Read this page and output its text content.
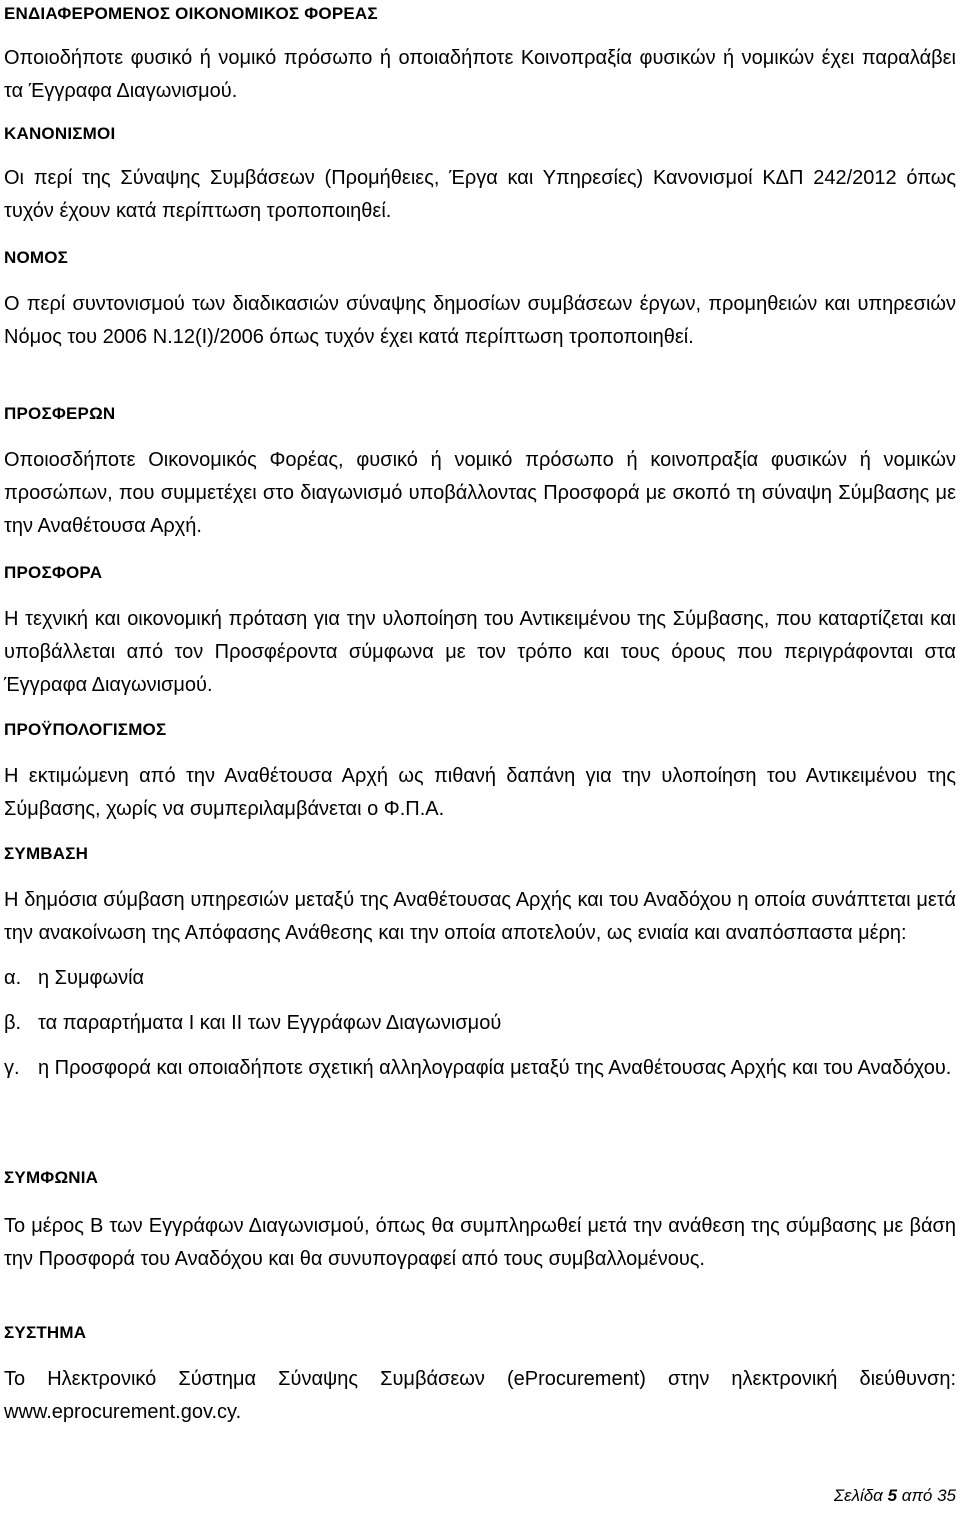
ΕΝΔΙΑΦΕΡΟΜΕΝΟΣ ΟΙΚΟΝΟΜΙΚΟΣ ΦΟΡΕΑΣ

Οποιοδήποτε φυσικό ή νομικό πρόσωπο ή οποιαδήποτε Κοινοπραξία φυσικών ή νομικών έχει παραλάβει τα Έγγραφα Διαγωνισμού.

ΚΑΝΟΝΙΣΜΟΙ

Οι περί της Σύναψης Συμβάσεων (Προμήθειες, Έργα και Υπηρεσίες) Κανονισμοί ΚΔΠ 242/2012 όπως τυχόν έχουν κατά περίπτωση τροποποιηθεί.

ΝΟΜΟΣ

Ο περί συντονισμού των διαδικασιών σύναψης δημοσίων συμβάσεων έργων, προμηθειών και υπηρεσιών Νόμος του 2006 Ν.12(Ι)/2006 όπως τυχόν έχει κατά περίπτωση τροποποιηθεί.

ΠΡΟΣΦΕΡΩΝ

Οποιοσδήποτε Οικονομικός Φορέας, φυσικό ή νομικό πρόσωπο ή κοινοπραξία φυσικών ή νομικών προσώπων, που συμμετέχει στο διαγωνισμό υποβάλλοντας Προσφορά με σκοπό τη σύναψη Σύμβασης με την Αναθέτουσα Αρχή.

ΠΡΟΣΦΟΡΑ

Η τεχνική και οικονομική πρόταση για την υλοποίηση του Αντικειμένου της Σύμβασης, που καταρτίζεται και υποβάλλεται από τον Προσφέροντα σύμφωνα με τον τρόπο και τους όρους που περιγράφονται στα Έγγραφα Διαγωνισμού.

ΠΡΟΫΠΟΛΟΓΙΣΜΟΣ

Η εκτιμώμενη από την Αναθέτουσα Αρχή ως πιθανή δαπάνη για την υλοποίηση του Αντικειμένου της Σύμβασης, χωρίς να συμπεριλαμβάνεται ο Φ.Π.Α.

ΣΥΜΒΑΣΗ

Η δημόσια σύμβαση υπηρεσιών μεταξύ της Αναθέτουσας Αρχής και του Αναδόχου η οποία συνάπτεται μετά την ανακοίνωση της Απόφασης Ανάθεσης και την οποία αποτελούν, ως ενιαία και αναπόσπαστα μέρη:

α. η Συμφωνία
β. τα παραρτήματα Ι και ΙΙ των Εγγράφων Διαγωνισμού
γ. η Προσφορά και οποιαδήποτε σχετική αλληλογραφία μεταξύ της Αναθέτουσας Αρχής και του Αναδόχου.

ΣΥΜΦΩΝΙΑ

Το μέρος Β των Εγγράφων Διαγωνισμού, όπως θα συμπληρωθεί μετά την ανάθεση της σύμβασης με βάση την Προσφορά του Αναδόχου και θα συνυπογραφεί από τους συμβαλλομένους.

ΣΥΣΤΗΜΑ

Το Ηλεκτρονικό Σύστημα Σύναψης Συμβάσεων (eProcurement) στην ηλεκτρονική διεύθυνση: www.eprocurement.gov.cy.

Σελίδα 5 από 35
